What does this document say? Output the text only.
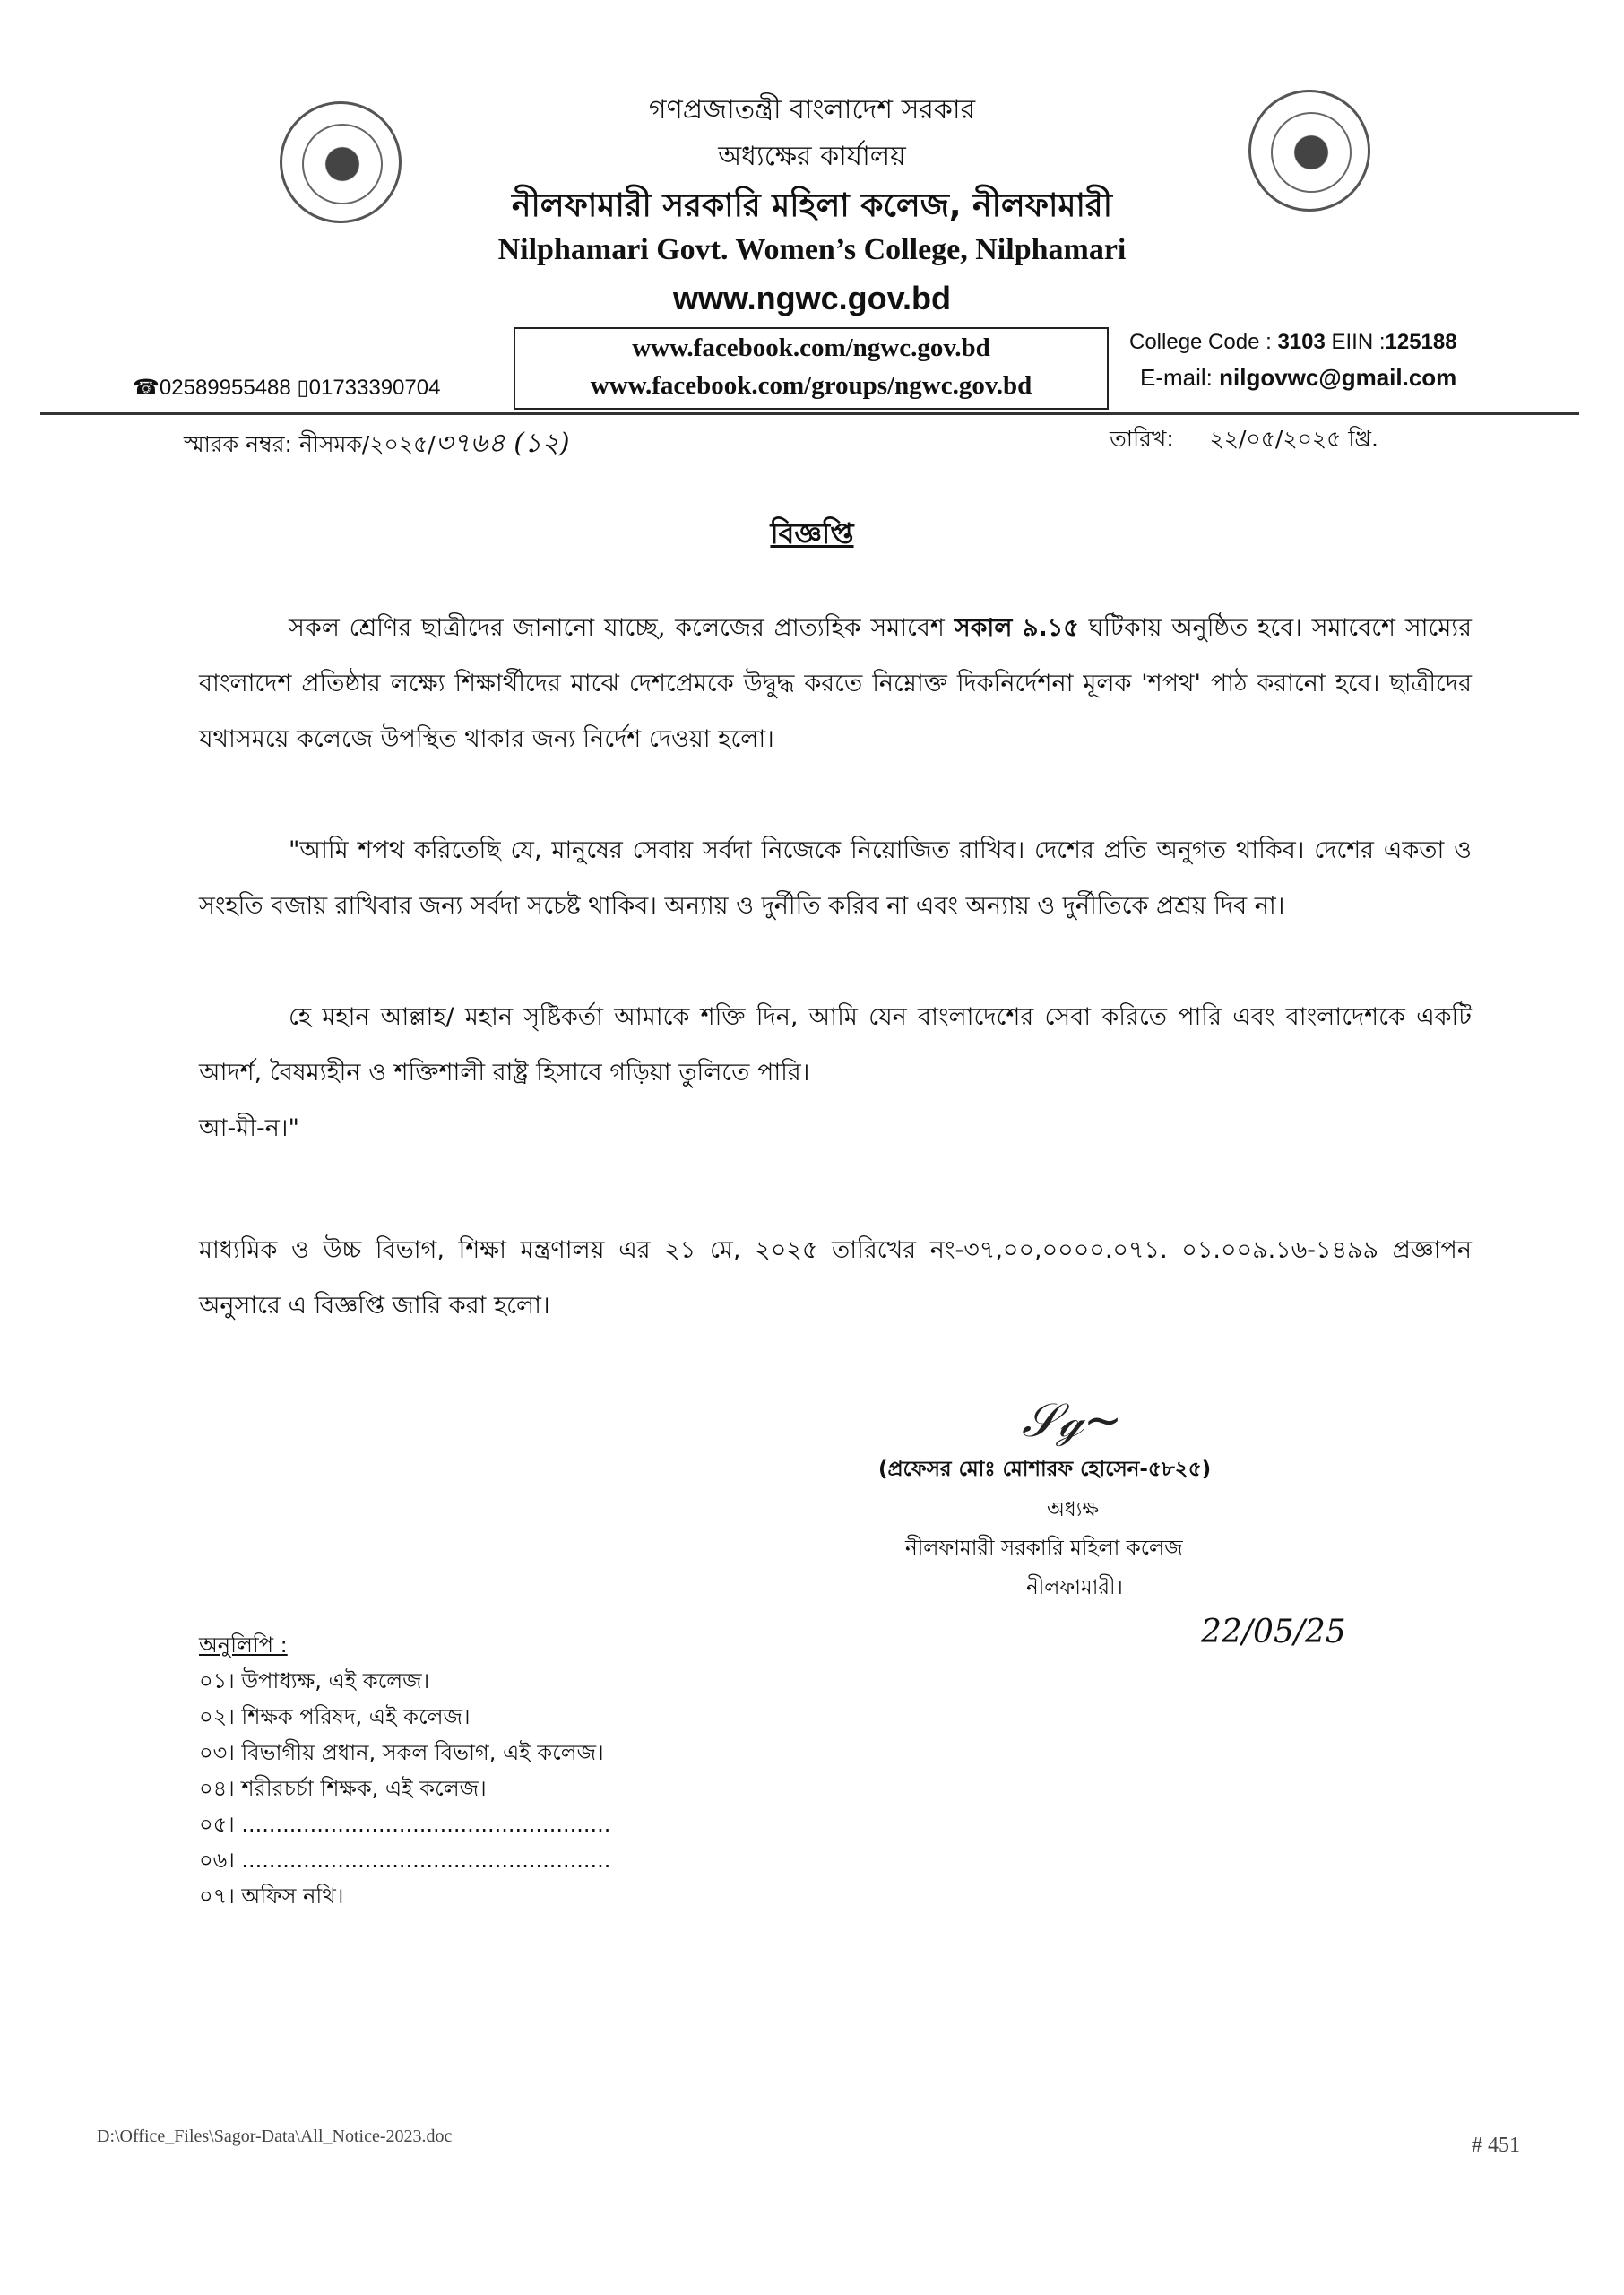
গণপ্রজাতন্ত্রী বাংলাদেশ সরকার
অধ্যক্ষের কার্যালয়
নীলফামারী সরকারি মহিলা কলেজ, নীলফামারী
Nilphamari Govt. Women’s College, Nilphamari
www.ngwc.gov.bd
www.facebook.com/ngwc.gov.bd
www.facebook.com/groups/ngwc.gov.bd
☎02589955488 ▯01733390704
College Code : 3103 EIIN :125188
E-mail: nilgovwc@gmail.com
স্মারক নম্বর: নীসমক/২০২৫/৩৭৬৪ (১২)	তারিখ: ২২/০৫/২০২৫ খ্রি.
বিজ্ঞপ্তি
সকল শ্রেণির ছাত্রীদের জানানো যাচ্ছে, কলেজের প্রাত্যহিক সমাবেশ সকাল ৯.১৫ ঘটিকায় অনুষ্ঠিত হবে। সমাবেশে সাম্যের বাংলাদেশ প্রতিষ্ঠার লক্ষ্যে শিক্ষার্থীদের মাঝে দেশপ্রেমকে উদ্বুদ্ধ করতে নিম্নোক্ত দিকনির্দেশনা মূলক 'শপথ' পাঠ করানো হবে। ছাত্রীদের যথাসময়ে কলেজে উপস্থিত থাকার জন্য নির্দেশ দেওয়া হলো।
"আমি শপথ করিতেছি যে, মানুষের সেবায় সর্বদা নিজেকে নিয়োজিত রাখিব। দেশের প্রতি অনুগত থাকিব। দেশের একতা ও সংহতি বজায় রাখিবার জন্য সর্বদা সচেষ্ট থাকিব। অন্যায় ও দুর্নীতি করিব না এবং অন্যায় ও দুর্নীতিকে প্রশ্রয় দিব না।
হে মহান আল্লাহ/ মহান সৃষ্টিকর্তা আমাকে শক্তি দিন, আমি যেন বাংলাদেশের সেবা করিতে পারি এবং বাংলাদেশকে একটি আদর্শ, বৈষম্যহীন ও শক্তিশালী রাষ্ট্র হিসাবে গড়িয়া তুলিতে পারি।
আ-মী-ন।"
মাধ্যমিক ও উচ্চ বিভাগ, শিক্ষা মন্ত্রণালয় এর ২১ মে, ২০২৫ তারিখের নং-৩৭,০০,০০০০.০৭১. ০১.০০৯.১৬-১৪৯৯ প্রজ্ঞাপন অনুসারে এ বিজ্ঞপ্তি জারি করা হলো।
𝒮ℊ~
(প্রফেসর মোঃ মোশারফ হোসেন-৫৮২৫)
অধ্যক্ষ
নীলফামারী সরকারি মহিলা কলেজ
নীলফামারী।
22/05/25
অনুলিপি :
০১। উপাধ্যক্ষ, এই কলেজ।
০২। শিক্ষক পরিষদ, এই কলেজ।
০৩। বিভাগীয় প্রধান, সকল বিভাগ, এই কলেজ।
০৪। শরীরচর্চা শিক্ষক, এই কলেজ।
০৫। ......................................................
০৬। ......................................................
০৭। অফিস নথি।
D:\Office_Files\Sagor-Data\All_Notice-2023.doc	# 451
